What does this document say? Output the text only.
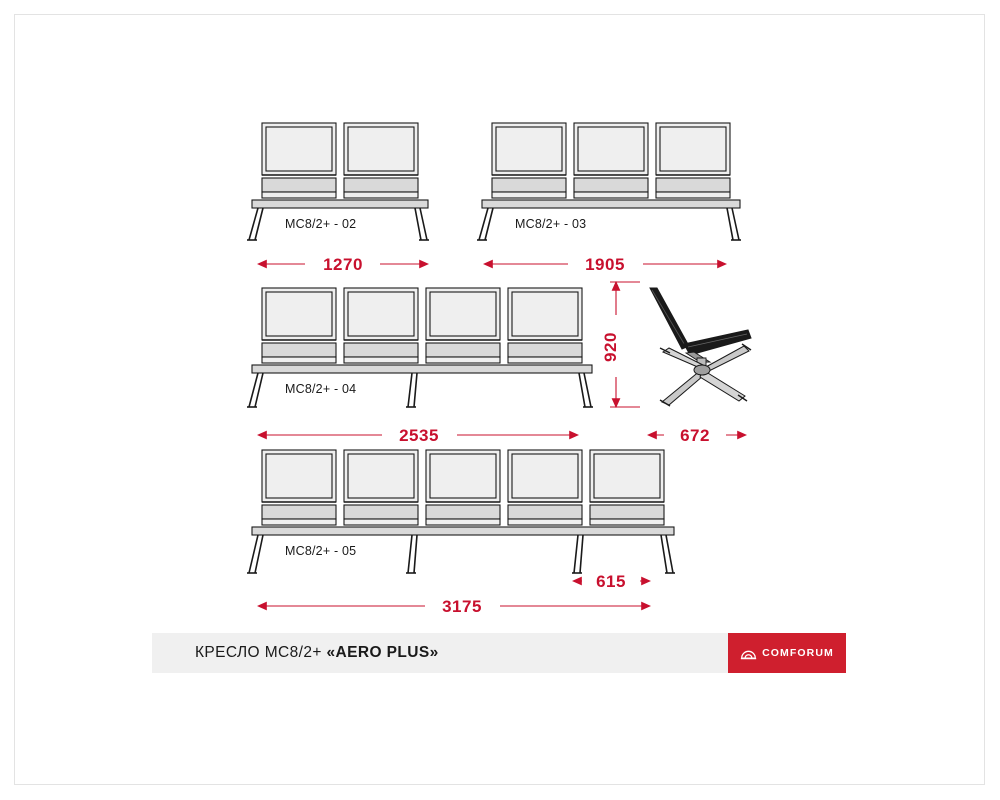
МС8/2+ - 02
1270
МС8/2+ - 03
1905
МС8/2+ - 04
2535
920
672
МС8/2+ - 05
615
3175
КРЕСЛО МС8/2+ «AERO PLUS»	COMFORUM
